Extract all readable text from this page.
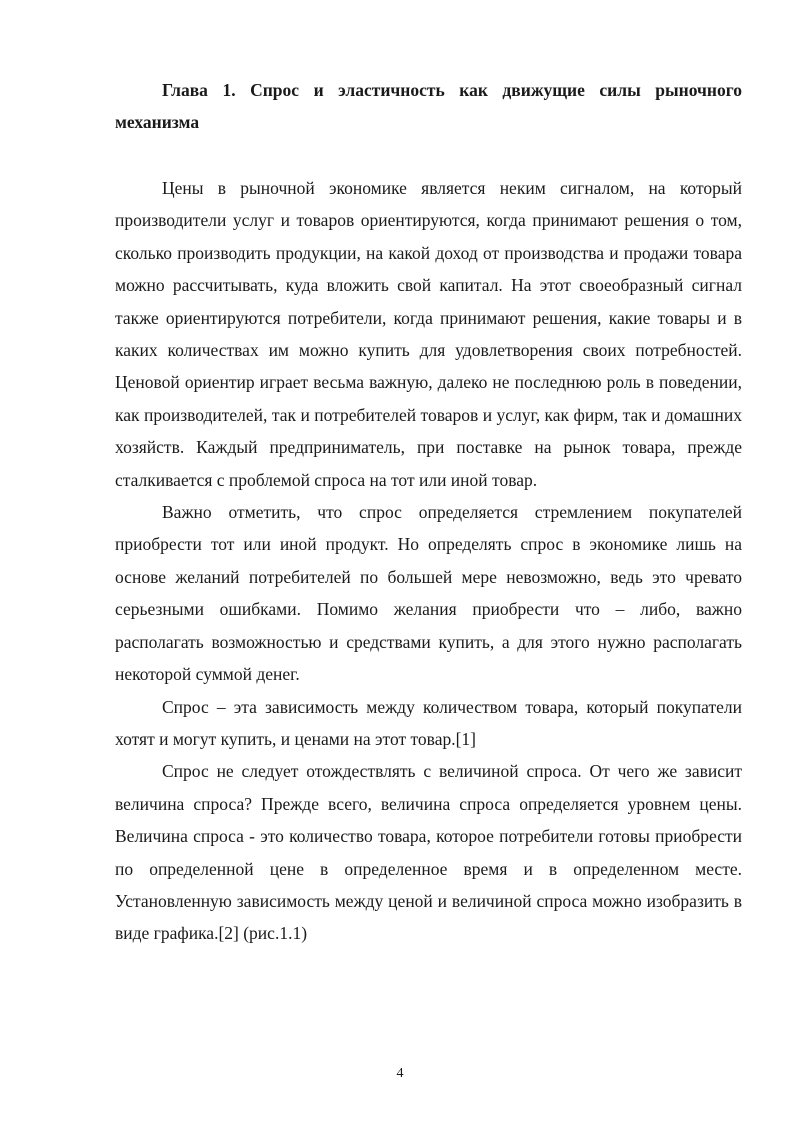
Глава 1. Спрос и эластичность как движущие силы рыночного механизма

Цены в рыночной экономике является неким сигналом, на который производители услуг и товаров ориентируются, когда принимают решения о том, сколько производить продукции, на какой доход от производства и продажи товара можно рассчитывать, куда вложить свой капитал. На этот своеобразный сигнал также ориентируются потребители, когда принимают решения, какие товары и в каких количествах им можно купить для удовлетворения своих потребностей. Ценовой ориентир играет весьма важную, далеко не последнюю роль в поведении, как производителей, так и потребителей товаров и услуг, как фирм, так и домашних хозяйств. Каждый предприниматель, при поставке на рынок товара, прежде сталкивается с проблемой спроса на тот или иной товар.

Важно отметить, что спрос определяется стремлением покупателей приобрести тот или иной продукт. Но определять спрос в экономике лишь на основе желаний потребителей по большей мере невозможно, ведь это чревато серьезными ошибками. Помимо желания приобрести что – либо, важно располагать возможностью и средствами купить, а для этого нужно располагать некоторой суммой денег.

Спрос – эта зависимость между количеством товара, который покупатели хотят и могут купить, и ценами на этот товар.[1]

Спрос не следует отождествлять с величиной спроса. От чего же зависит величина спроса? Прежде всего, величина спроса определяется уровнем цены. Величина спроса - это количество товара, которое потребители готовы приобрести по определенной цене в определенное время и в определенном месте. Установленную зависимость между ценой и величиной спроса можно изобразить в виде графика.[2] (рис.1.1)

4
